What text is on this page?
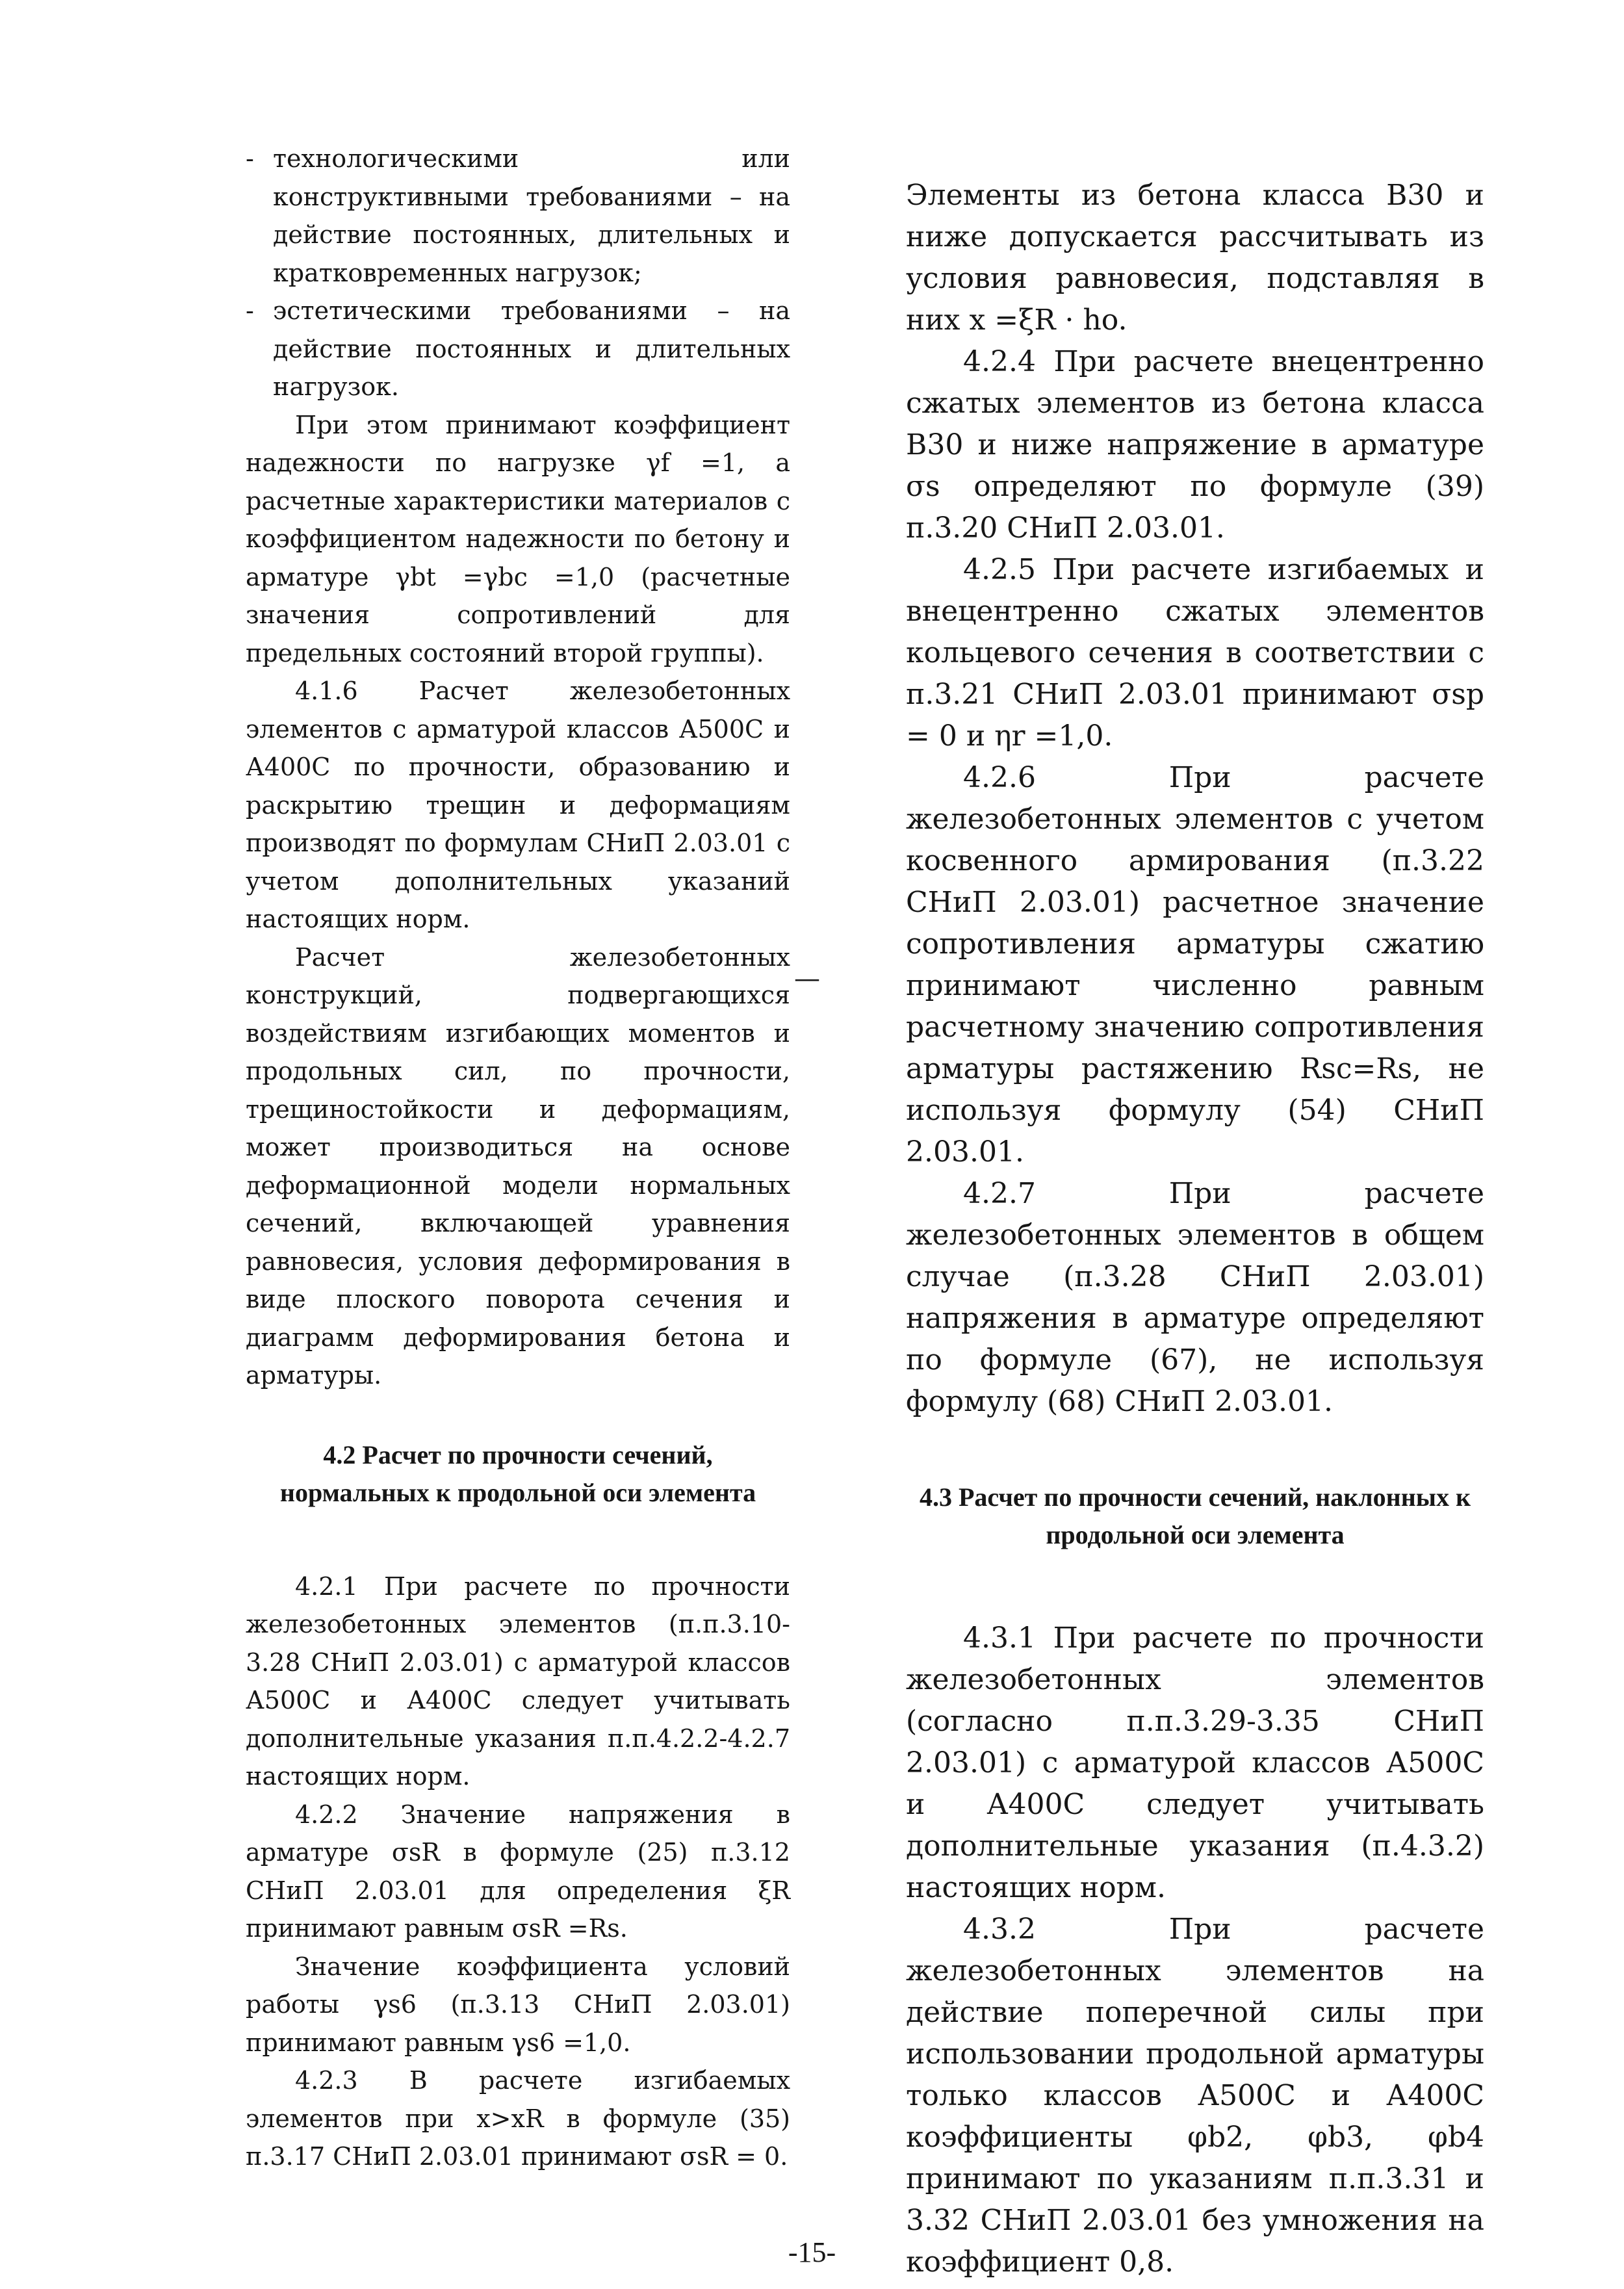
- технологическими или конструктивными требованиями – на действие постоянных, длительных и кратковременных нагрузок;
- эстетическими требованиями – на действие постоянных и длительных нагрузок.

При этом принимают коэффициент надежности по нагрузке γf =1, а расчетные характеристики материалов с коэффициентом надежности по бетону и арматуре γbt =γbc =1,0 (расчетные значения сопротивлений для предельных состояний второй группы).

4.1.6 Расчет железобетонных элементов с арматурой классов А500С и А400С по прочности, образованию и раскрытию трещин и деформациям производят по формулам СНиП 2.03.01 с учетом дополнительных указаний настоящих норм.

Расчет железобетонных конструкций, подвергающихся воздействиям изгибающих моментов и продольных сил, по прочности, трещиностойкости и деформациям, может производиться на основе деформационной модели нормальных сечений, включающей уравнения равновесия, условия деформирования в виде плоского поворота сечения и диаграмм деформирования бетона и арматуры.

4.2 Расчет по прочности сечений, нормальных к продольной оси элемента

4.2.1 При расчете по прочности железобетонных элементов (п.п.3.10-3.28 СНиП 2.03.01) с арматурой классов А500С и А400С следует учитывать дополнительные указания п.п.4.2.2-4.2.7 настоящих норм.

4.2.2 Значение напряжения в арматуре σsR в формуле (25) п.3.12 СНиП 2.03.01 для определения ξR принимают равным σsR =Rs.

Значение коэффициента условий работы γs6 (п.3.13 СНиП 2.03.01) принимают равным γs6 =1,0.

4.2.3 В расчете изгибаемых элементов при x>xR в формуле (35) п.3.17 СНиП 2.03.01 принимают σsR = 0.

—

Элементы из бетона класса В30 и ниже допускается рассчитывать из условия равновесия, подставляя в них x =ξR · ho.

4.2.4 При расчете внецентренно сжатых элементов из бетона класса В30 и ниже напряжение в арматуре σs определяют по формуле (39) п.3.20 СНиП 2.03.01.

4.2.5 При расчете изгибаемых и внецентренно сжатых элементов кольцевого сечения в соответствии с п.3.21 СНиП 2.03.01 принимают σsp = 0 и ηr =1,0.

4.2.6 При расчете железобетонных элементов с учетом косвенного армирования (п.3.22 СНиП 2.03.01) расчетное значение сопротивления арматуры сжатию принимают численно равным расчетному значению сопротивления арматуры растяжению Rsc=Rs, не используя формулу (54) СНиП 2.03.01.

4.2.7 При расчете железобетонных элементов в общем случае (п.3.28 СНиП 2.03.01) напряжения в арматуре определяют по формуле (67), не используя формулу (68) СНиП 2.03.01.

4.3 Расчет по прочности сечений, наклонных к продольной оси элемента

4.3.1 При расчете по прочности железобетонных элементов (согласно п.п.3.29-3.35 СНиП 2.03.01) с арматурой классов А500С и А400С следует учитывать дополнительные указания (п.4.3.2) настоящих норм.

4.3.2 При расчете железобетонных элементов на действие поперечной силы при использовании продольной арматуры только классов А500С и А400С коэффициенты φb2, φb3, φb4 принимают по указаниям п.п.3.31 и 3.32 СНиП 2.03.01 без умножения на коэффициент 0,8.

-15-
